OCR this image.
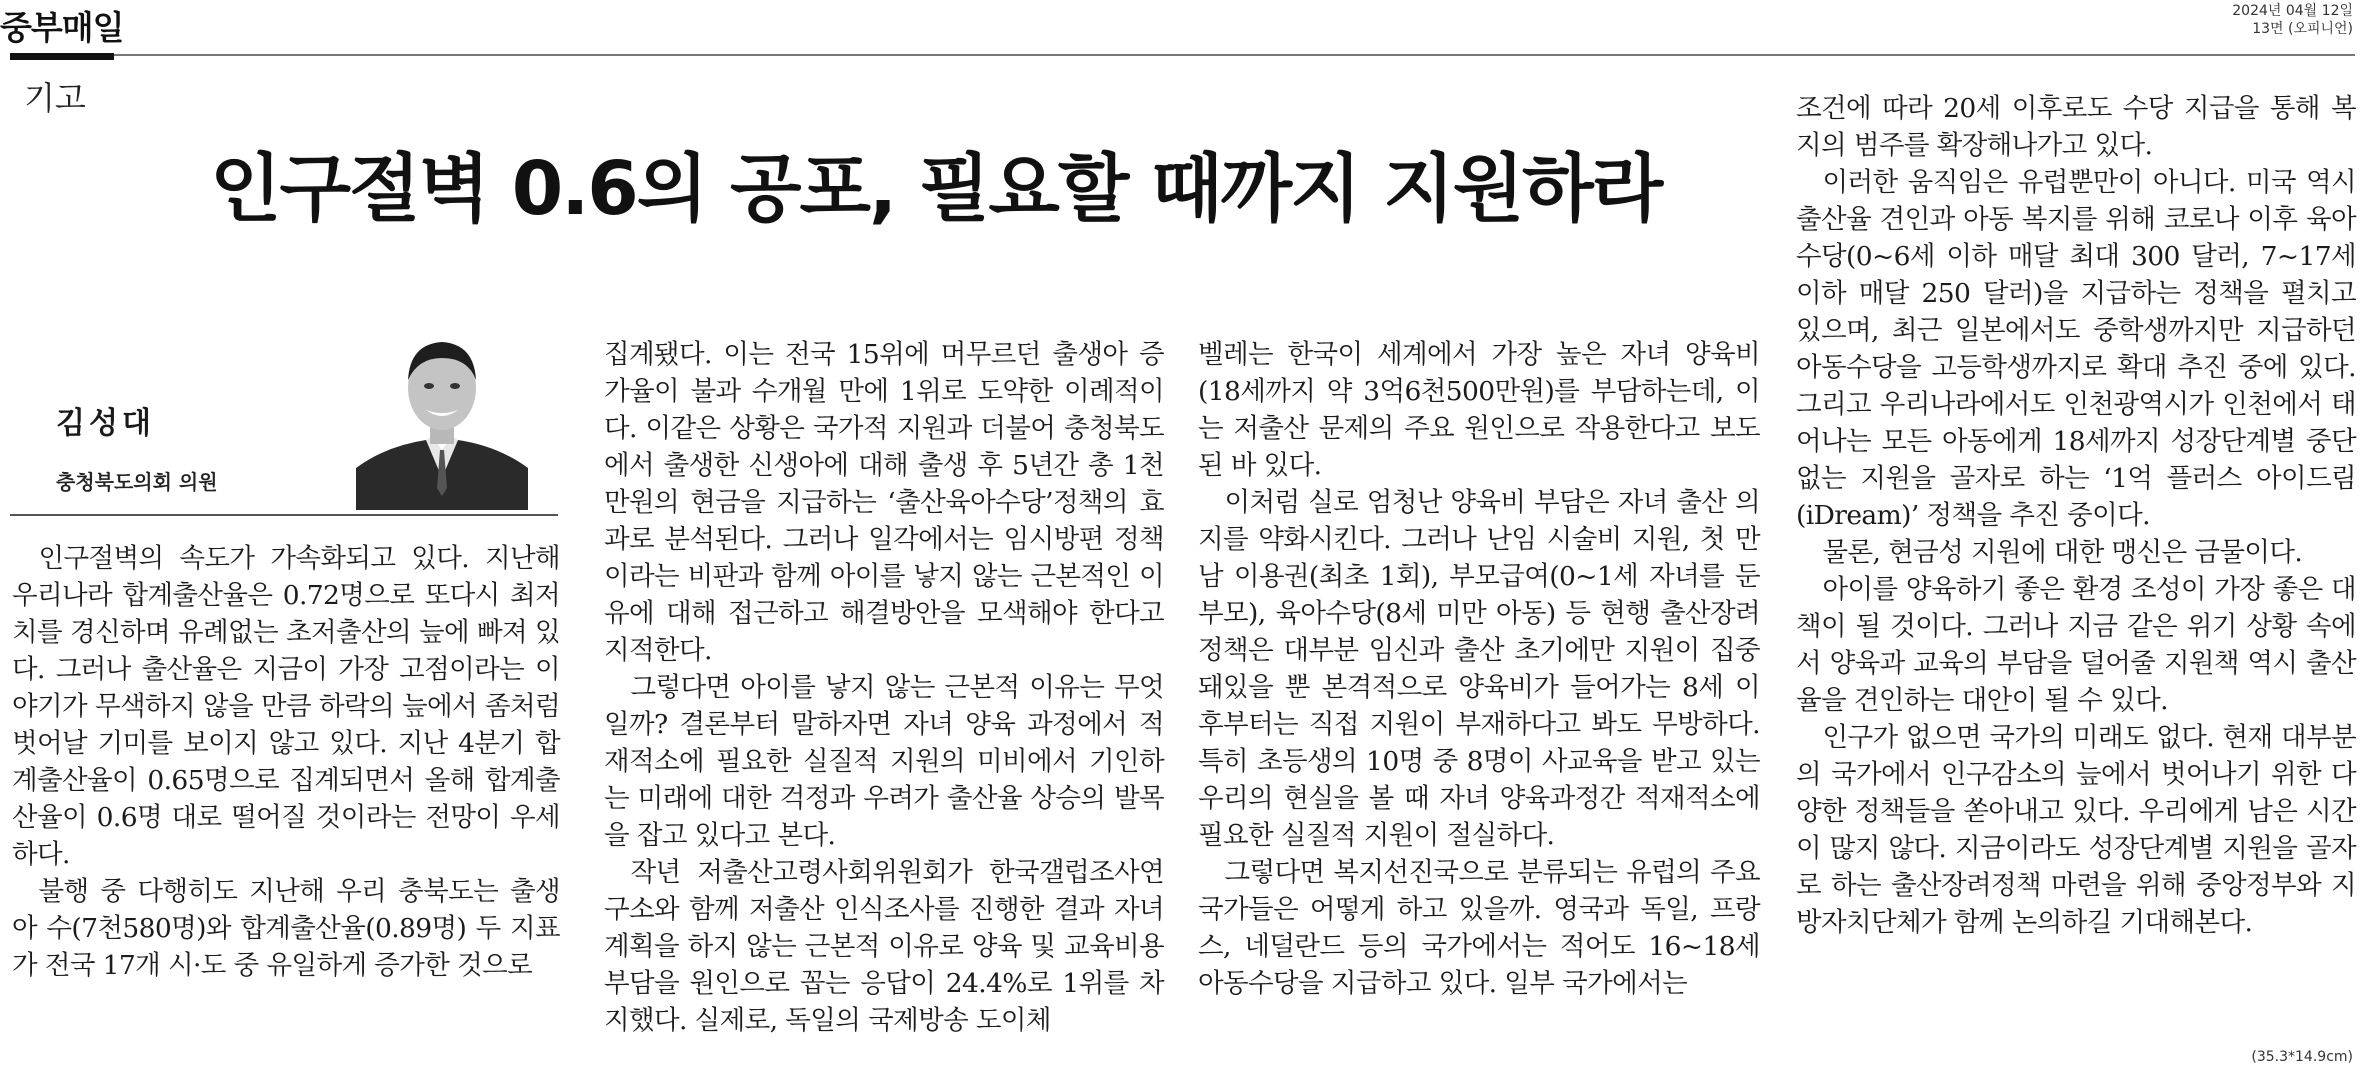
중부매일	2024년 04월 12일
13면 (오피니언)
기고
인구절벽 0.6의 공포, 필요할 때까지 지원하라
김성대
충청북도의회 의원

인구절벽의 속도가 가속화되고 있다. 지난해 우리나라 합계출산율은 0.72명으로 또다시 최저치를 경신하며 유례없는 초저출산의 늪에 빠져 있다. 그러나 출산율은 지금이 가장 고점이라는 이야기가 무색하지 않을 만큼 하락의 늪에서 좀처럼 벗어날 기미를 보이지 않고 있다. 지난 4분기 합계출산율이 0.65명으로 집계되면서 올해 합계출산율이 0.6명 대로 떨어질 것이라는 전망이 우세하다.

불행 중 다행히도 지난해 우리 충북도는 출생아 수(7천580명)와 합계출산율(0.89명) 두 지표가 전국 17개 시·도 중 유일하게 증가한 것으로

집계됐다. 이는 전국 15위에 머무르던 출생아 증가율이 불과 수개월 만에 1위로 도약한 이례적이다. 이같은 상황은 국가적 지원과 더불어 충청북도에서 출생한 신생아에 대해 출생 후 5년간 총 1천만원의 현금을 지급하는 ‘출산육아수당’정책의 효과로 분석된다. 그러나 일각에서는 임시방편 정책이라는 비판과 함께 아이를 낳지 않는 근본적인 이유에 대해 접근하고 해결방안을 모색해야 한다고 지적한다.

그렇다면 아이를 낳지 않는 근본적 이유는 무엇일까? 결론부터 말하자면 자녀 양육 과정에서 적재적소에 필요한 실질적 지원의 미비에서 기인하는 미래에 대한 걱정과 우려가 출산율 상승의 발목을 잡고 있다고 본다.

작년 저출산고령사회위원회가 한국갤럽조사연구소와 함께 저출산 인식조사를 진행한 결과 자녀계획을 하지 않는 근본적 이유로 양육 및 교육비용 부담을 원인으로 꼽는 응답이 24.4%로 1위를 차지했다. 실제로, 독일의 국제방송 도이체

벨레는 한국이 세계에서 가장 높은 자녀 양육비(18세까지 약 3억6천500만원)를 부담하는데, 이는 저출산 문제의 주요 원인으로 작용한다고 보도된 바 있다.

이처럼 실로 엄청난 양육비 부담은 자녀 출산 의지를 약화시킨다. 그러나 난임 시술비 지원, 첫 만남 이용권(최초 1회), 부모급여(0~1세 자녀를 둔 부모), 육아수당(8세 미만 아동) 등 현행 출산장려정책은 대부분 임신과 출산 초기에만 지원이 집중돼있을 뿐 본격적으로 양육비가 들어가는 8세 이후부터는 직접 지원이 부재하다고 봐도 무방하다. 특히 초등생의 10명 중 8명이 사교육을 받고 있는 우리의 현실을 볼 때 자녀 양육과정간 적재적소에 필요한 실질적 지원이 절실하다.

그렇다면 복지선진국으로 분류되는 유럽의 주요 국가들은 어떻게 하고 있을까. 영국과 독일, 프랑스, 네덜란드 등의 국가에서는 적어도 16~18세 아동수당을 지급하고 있다. 일부 국가에서는

조건에 따라 20세 이후로도 수당 지급을 통해 복지의 범주를 확장해나가고 있다.

이러한 움직임은 유럽뿐만이 아니다. 미국 역시 출산율 견인과 아동 복지를 위해 코로나 이후 육아수당(0~6세 이하 매달 최대 300 달러, 7~17세 이하 매달 250 달러)을 지급하는 정책을 펼치고 있으며, 최근 일본에서도 중학생까지만 지급하던 아동수당을 고등학생까지로 확대 추진 중에 있다. 그리고 우리나라에서도 인천광역시가 인천에서 태어나는 모든 아동에게 18세까지 성장단계별 중단 없는 지원을 골자로 하는 ‘1억 플러스 아이드림(iDream)’ 정책을 추진 중이다.

물론, 현금성 지원에 대한 맹신은 금물이다.

아이를 양육하기 좋은 환경 조성이 가장 좋은 대책이 될 것이다. 그러나 지금 같은 위기 상황 속에서 양육과 교육의 부담을 덜어줄 지원책 역시 출산율을 견인하는 대안이 될 수 있다.

인구가 없으면 국가의 미래도 없다. 현재 대부분의 국가에서 인구감소의 늪에서 벗어나기 위한 다양한 정책들을 쏟아내고 있다. 우리에게 남은 시간이 많지 않다. 지금이라도 성장단계별 지원을 골자로 하는 출산장려정책 마련을 위해 중앙정부와 지방자치단체가 함께 논의하길 기대해본다.

(35.3*14.9cm)
